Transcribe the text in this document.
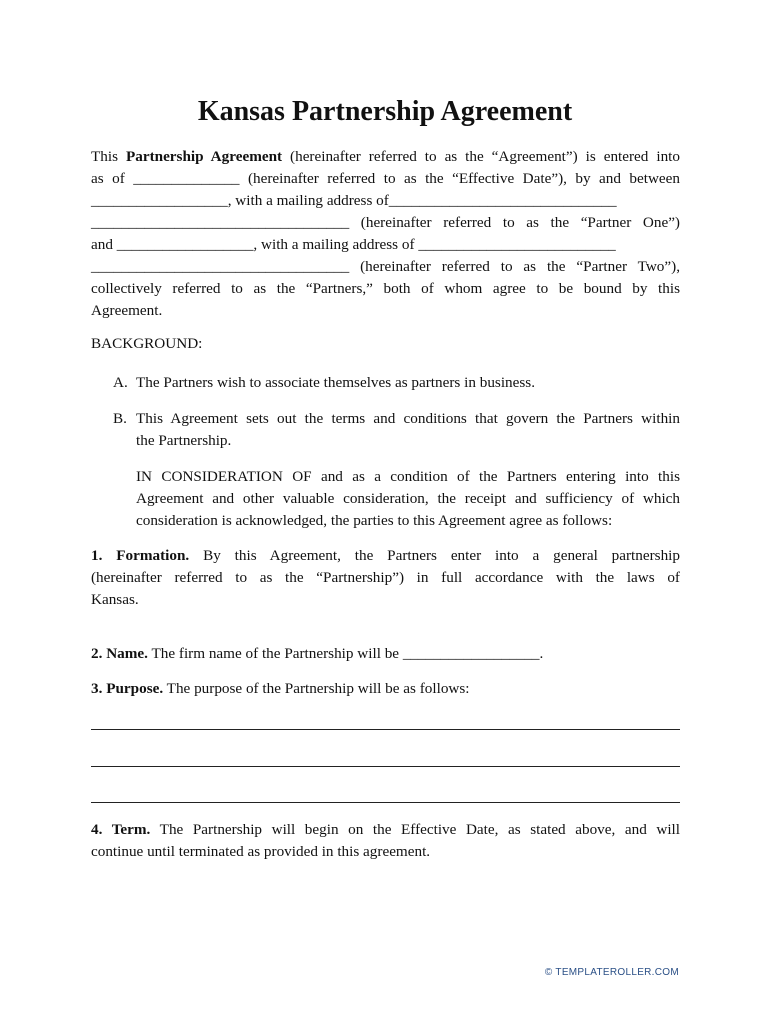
Kansas Partnership Agreement
This Partnership Agreement (hereinafter referred to as the “Agreement”) is entered into
as of ______________ (hereinafter referred to as the “Effective Date”), by and between
__________________, with a mailing address of______________________________
__________________________________ (hereinafter referred to as the “Partner One”)
and __________________, with a mailing address of __________________________
__________________________________ (hereinafter referred to as the “Partner Two”),
collectively referred to as the “Partners,” both of whom agree to be bound by this
Agreement.
BACKGROUND:
A. The Partners wish to associate themselves as partners in business.
B. This Agreement sets out the terms and conditions that govern the Partners within
the Partnership.
IN CONSIDERATION OF and as a condition of the Partners entering into this
Agreement and other valuable consideration, the receipt and sufficiency of which
consideration is acknowledged, the parties to this Agreement agree as follows:
1. Formation. By this Agreement, the Partners enter into a general partnership
(hereinafter referred to as the “Partnership”) in full accordance with the laws of
Kansas.
2. Name. The firm name of the Partnership will be __________________.
3. Purpose. The purpose of the Partnership will be as follows:
4. Term. The Partnership will begin on the Effective Date, as stated above, and will
continue until terminated as provided in this agreement.
© TEMPLATEROLLER.COM
